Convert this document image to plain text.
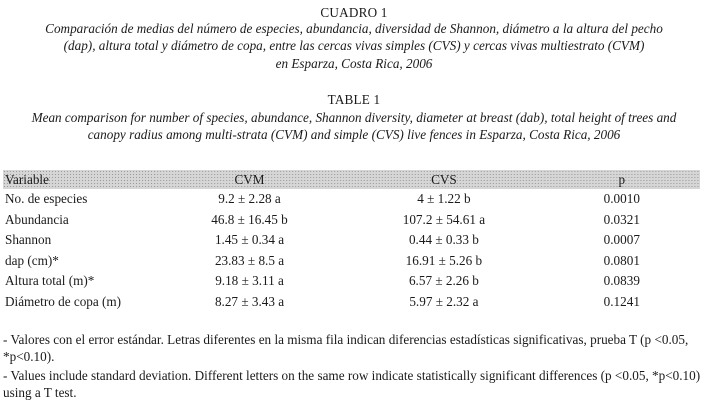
CUADRO 1
Comparación de medias del número de especies, abundancia, diversidad de Shannon, diámetro a la altura del pecho
(dap), altura total y diámetro de copa, entre las cercas vivas simples (CVS) y cercas vivas multiestrato (CVM)
en Esparza, Costa Rica, 2006
TABLE 1
Mean comparison for number of species, abundance, Shannon diversity, diameter at breast (dab), total height of trees and
canopy radius among multi-strata (CVM) and simple (CVS) live fences in Esparza, Costa Rica, 2006
Variable	CVM	CVS	p
No. de especies	9.2 ± 2.28 a	4 ± 1.22 b	0.0010
Abundancia	46.8 ± 16.45 b	107.2 ± 54.61 a	0.0321
Shannon	1.45 ± 0.34 a	0.44 ± 0.33 b	0.0007
dap (cm)*	23.83 ± 8.5 a	16.91 ± 5.26 b	0.0801
Altura total (m)*	9.18 ± 3.11 a	6.57 ± 2.26 b	0.0839
Diámetro de copa (m)	8.27 ± 3.43 a	5.97 ± 2.32 a	0.1241
- Valores con el error estándar. Letras diferentes en la misma fila indican diferencias estadísticas significativas, prueba T (p <0.05, *p<0.10).
- Values include standard deviation. Different letters on the same row indicate statistically significant differences (p <0.05, *p<0.10) using a T test.
